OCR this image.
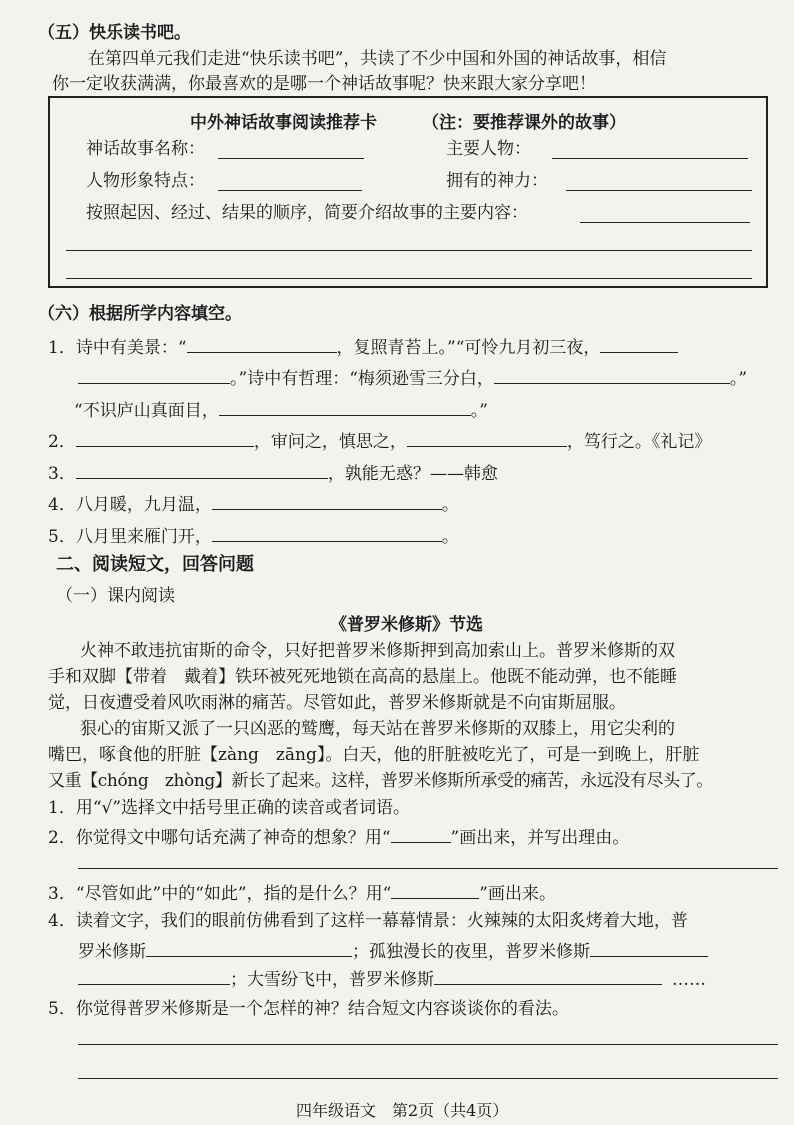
（五）快乐读书吧。
在第四单元我们走进“快乐读书吧”，共读了不少中国和外国的神话故事，相信
你一定收获满满，你最喜欢的是哪一个神话故事呢？快来跟大家分享吧！
中外神话故事阅读推荐卡	（注：要推荐课外的故事）
神话故事名称：	主要人物：
人物形象特点：	拥有的神力：
按照起因、经过、结果的顺序，简要介绍故事的主要内容：
（六）根据所学内容填空。
1．诗中有美景：“	，复照青苔上。”“可怜九月初三夜，
。”诗中有哲理：“梅须逊雪三分白，	。”
“不识庐山真面目，	。”
2．	，审问之，慎思之，	，笃行之。《礼记》
3．	，孰能无惑？——韩愈
4．八月暖，九月温，	。
5．八月里来雁门开，	。
二、阅读短文，回答问题
（一）课内阅读
《普罗米修斯》节选
火神不敢违抗宙斯的命令，只好把普罗米修斯押到高加索山上。普罗米修斯的双
手和双脚【带着　戴着】铁环被死死地锁在高高的悬崖上。他既不能动弹，也不能睡
觉，日夜遭受着风吹雨淋的痛苦。尽管如此，普罗米修斯就是不向宙斯屈服。
狠心的宙斯又派了一只凶恶的鹫鹰，每天站在普罗米修斯的双膝上，用它尖利的
嘴巴，啄食他的肝脏【zàng　zāng】。白天，他的肝脏被吃光了，可是一到晚上，肝脏
又重【chóng　zhòng】新长了起来。这样，普罗米修斯所承受的痛苦，永远没有尽头了。
1．用“√”选择文中括号里正确的读音或者词语。
2．你觉得文中哪句话充满了神奇的想象？用“	”画出来，并写出理由。
3．“尽管如此”中的“如此”，指的是什么？用“	”画出来。
4．读着文字，我们的眼前仿佛看到了这样一幕幕情景：火辣辣的太阳炙烤着大地，普
罗米修斯	；孤独漫长的夜里，普罗米修斯
；大雪纷飞中，普罗米修斯	……
5．你觉得普罗米修斯是一个怎样的神？结合短文内容谈谈你的看法。
四年级语文　第2页（共4页）
